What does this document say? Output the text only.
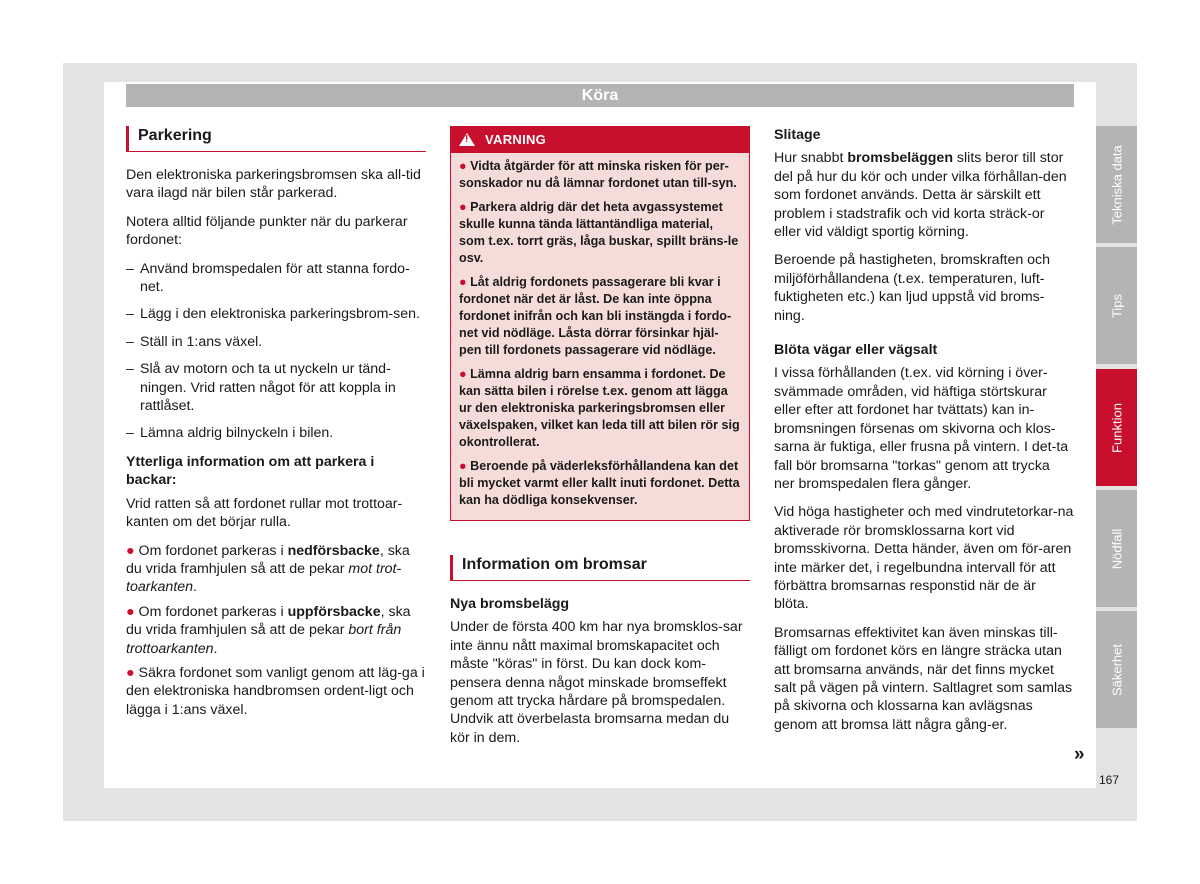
Köra
Parkering

Den elektroniska parkeringsbromsen ska all-tid vara ilagd när bilen står parkerad.

Notera alltid följande punkter när du parkerar fordonet:

– Använd bromspedalen för att stanna fordo-net.
– Lägg i den elektroniska parkeringsbrom-sen.
– Ställ in 1:ans växel.
– Slå av motorn och ta ut nyckeln ur tänd-ningen. Vrid ratten något för att koppla in rattlåset.
– Lämna aldrig bilnyckeln i bilen.
Ytterliga information om att parkera i backar:

Vrid ratten så att fordonet rullar mot trottoar-kanten om det börjar rulla.

● Om fordonet parkeras i nedförsbacke, ska du vrida framhjulen så att de pekar mot trot-toarkanten.
● Om fordonet parkeras i uppförsbacke, ska du vrida framhjulen så att de pekar bort från trottoarkanten.
● Säkra fordonet som vanligt genom att läg-ga i den elektroniska handbromsen ordent-ligt och lägga i 1:ans växel.
! VARNING
● Vidta åtgärder för att minska risken för per-sonskador nu då lämnar fordonet utan till-syn.
● Parkera aldrig där det heta avgassystemet skulle kunna tända lättantändliga material, som t.ex. torrt gräs, låga buskar, spillt bräns-le osv.
● Låt aldrig fordonets passagerare bli kvar i fordonet när det är låst. De kan inte öppna fordonet inifrån och kan bli instängda i fordo-net vid nödläge. Låsta dörrar försinkar hjäl-pen till fordonets passagerare vid nödläge.
● Lämna aldrig barn ensamma i fordonet. De kan sätta bilen i rörelse t.ex. genom att lägga ur den elektroniska parkeringsbromsen eller växelspaken, vilket kan leda till att bilen rör sig okontrollerat.
● Beroende på väderleksförhållandena kan det bli mycket varmt eller kallt inuti fordonet. Detta kan ha dödliga konsekvenser.
Information om bromsar
Nya bromsbelägg

Under de första 400 km har nya bromsklos-sar inte ännu nått maximal bromskapacitet och måste "köras" in först. Du kan dock kom-pensera denna något minskade bromseffekt genom att trycka hårdare på bromspedalen. Undvik att överbelasta bromsarna medan du kör in dem.

Slitage

Hur snabbt bromsbeläggen slits beror till stor del på hur du kör och under vilka förhållan-den som fordonet används. Detta är särskilt ett problem i stadstrafik och vid korta sträck-or eller vid väldigt sportig körning.

Beroende på hastigheten, bromskraften och miljöförhållandena (t.ex. temperaturen, luft-fuktigheten etc.) kan ljud uppstå vid broms-ning.

Blöta vägar eller vägsalt

I vissa förhållanden (t.ex. vid körning i över-svämmade områden, vid häftiga störtskurar eller efter att fordonet har tvättats) kan in-bromsningen försenas om skivorna och klos-sarna är fuktiga, eller frusna på vintern. I det-ta fall bör bromsarna "torkas" genom att trycka ner bromspedalen flera gånger.

Vid höga hastigheter och med vindrutetorkar-na aktiverade rör bromsklossarna kort vid bromsskivorna. Detta händer, även om för-aren inte märker det, i regelbundna intervall för att förbättra bromsarnas responstid när de är blöta.

Bromsarnas effektivitet kan även minskas till-fälligt om fordonet körs en längre sträcka utan att bromsarna används, när det finns mycket salt på vägen på vintern. Saltlagret som samlas på skivorna och klossarna kan avlägsnas genom att bromsa lätt några gång-er.

»
Tekniska data
Tips
Funktion
Nödfall
Säkerhet
167
